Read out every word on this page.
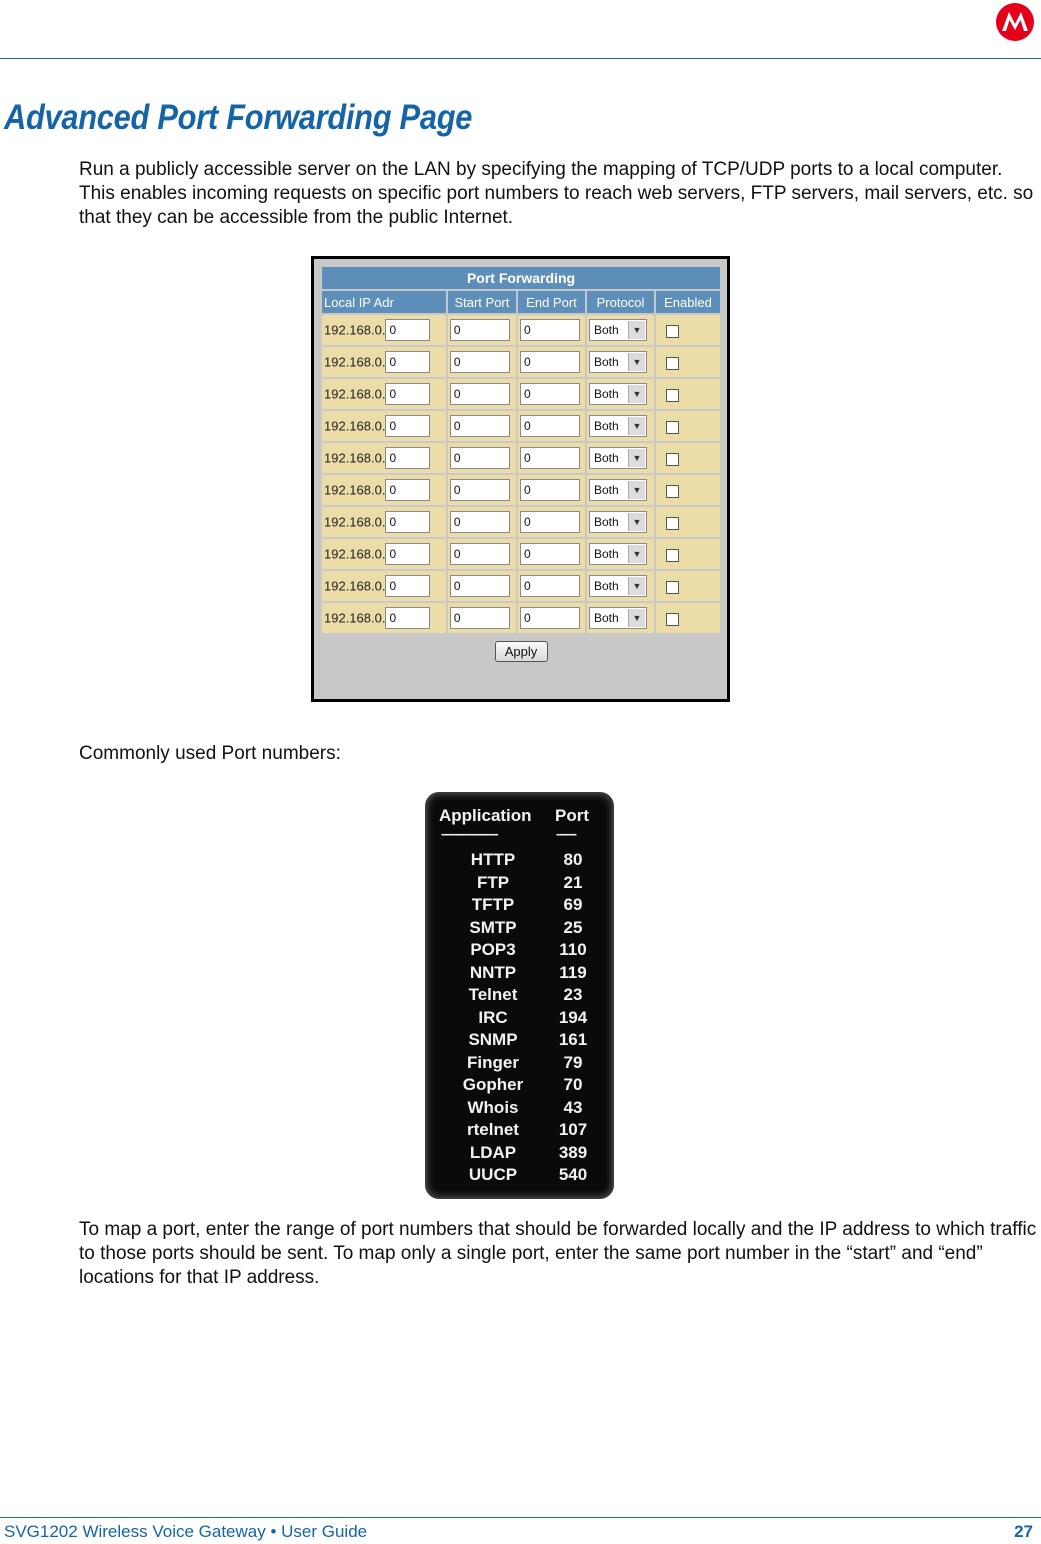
Advanced Port Forwarding Page

Run a publicly accessible server on the LAN by specifying the mapping of TCP/UDP ports to a local computer. This enables incoming requests on specific port numbers to reach web servers, FTP servers, mail servers, etc. so that they can be accessible from the public Internet.

Port Forwarding
Local IP Adr	Start Port	End Port	Protocol	Enabled
192.168.0. 0	0	0	Both ▼	

192.168.0. 0	0	0	Both ▼	

192.168.0. 0	0	0	Both ▼	

192.168.0. 0	0	0	Both ▼	

192.168.0. 0	0	0	Both ▼	

192.168.0. 0	0	0	Both ▼	

192.168.0. 0	0	0	Both ▼	

192.168.0. 0	0	0	Both ▼	

192.168.0. 0	0	0	Both ▼	

192.168.0. 0	0	0	Both ▼	

Apply

Commonly used Port numbers:

Application Port
-----------------	------
HTTP	80
FTP	21
TFTP	69
SMTP	25
POP3	110
NNTP	119
Telnet	23
IRC	194
SNMP	161
Finger	79
Gopher	70
Whois	43
rtelnet	107
LDAP	389
UUCP	540

To map a port, enter the range of port numbers that should be forwarded locally and the IP address to which traffic to those ports should be sent. To map only a single port, enter the same port number in the “start” and “end” locations for that IP address.

SVG1202 Wireless Voice Gateway • User Guide	27
